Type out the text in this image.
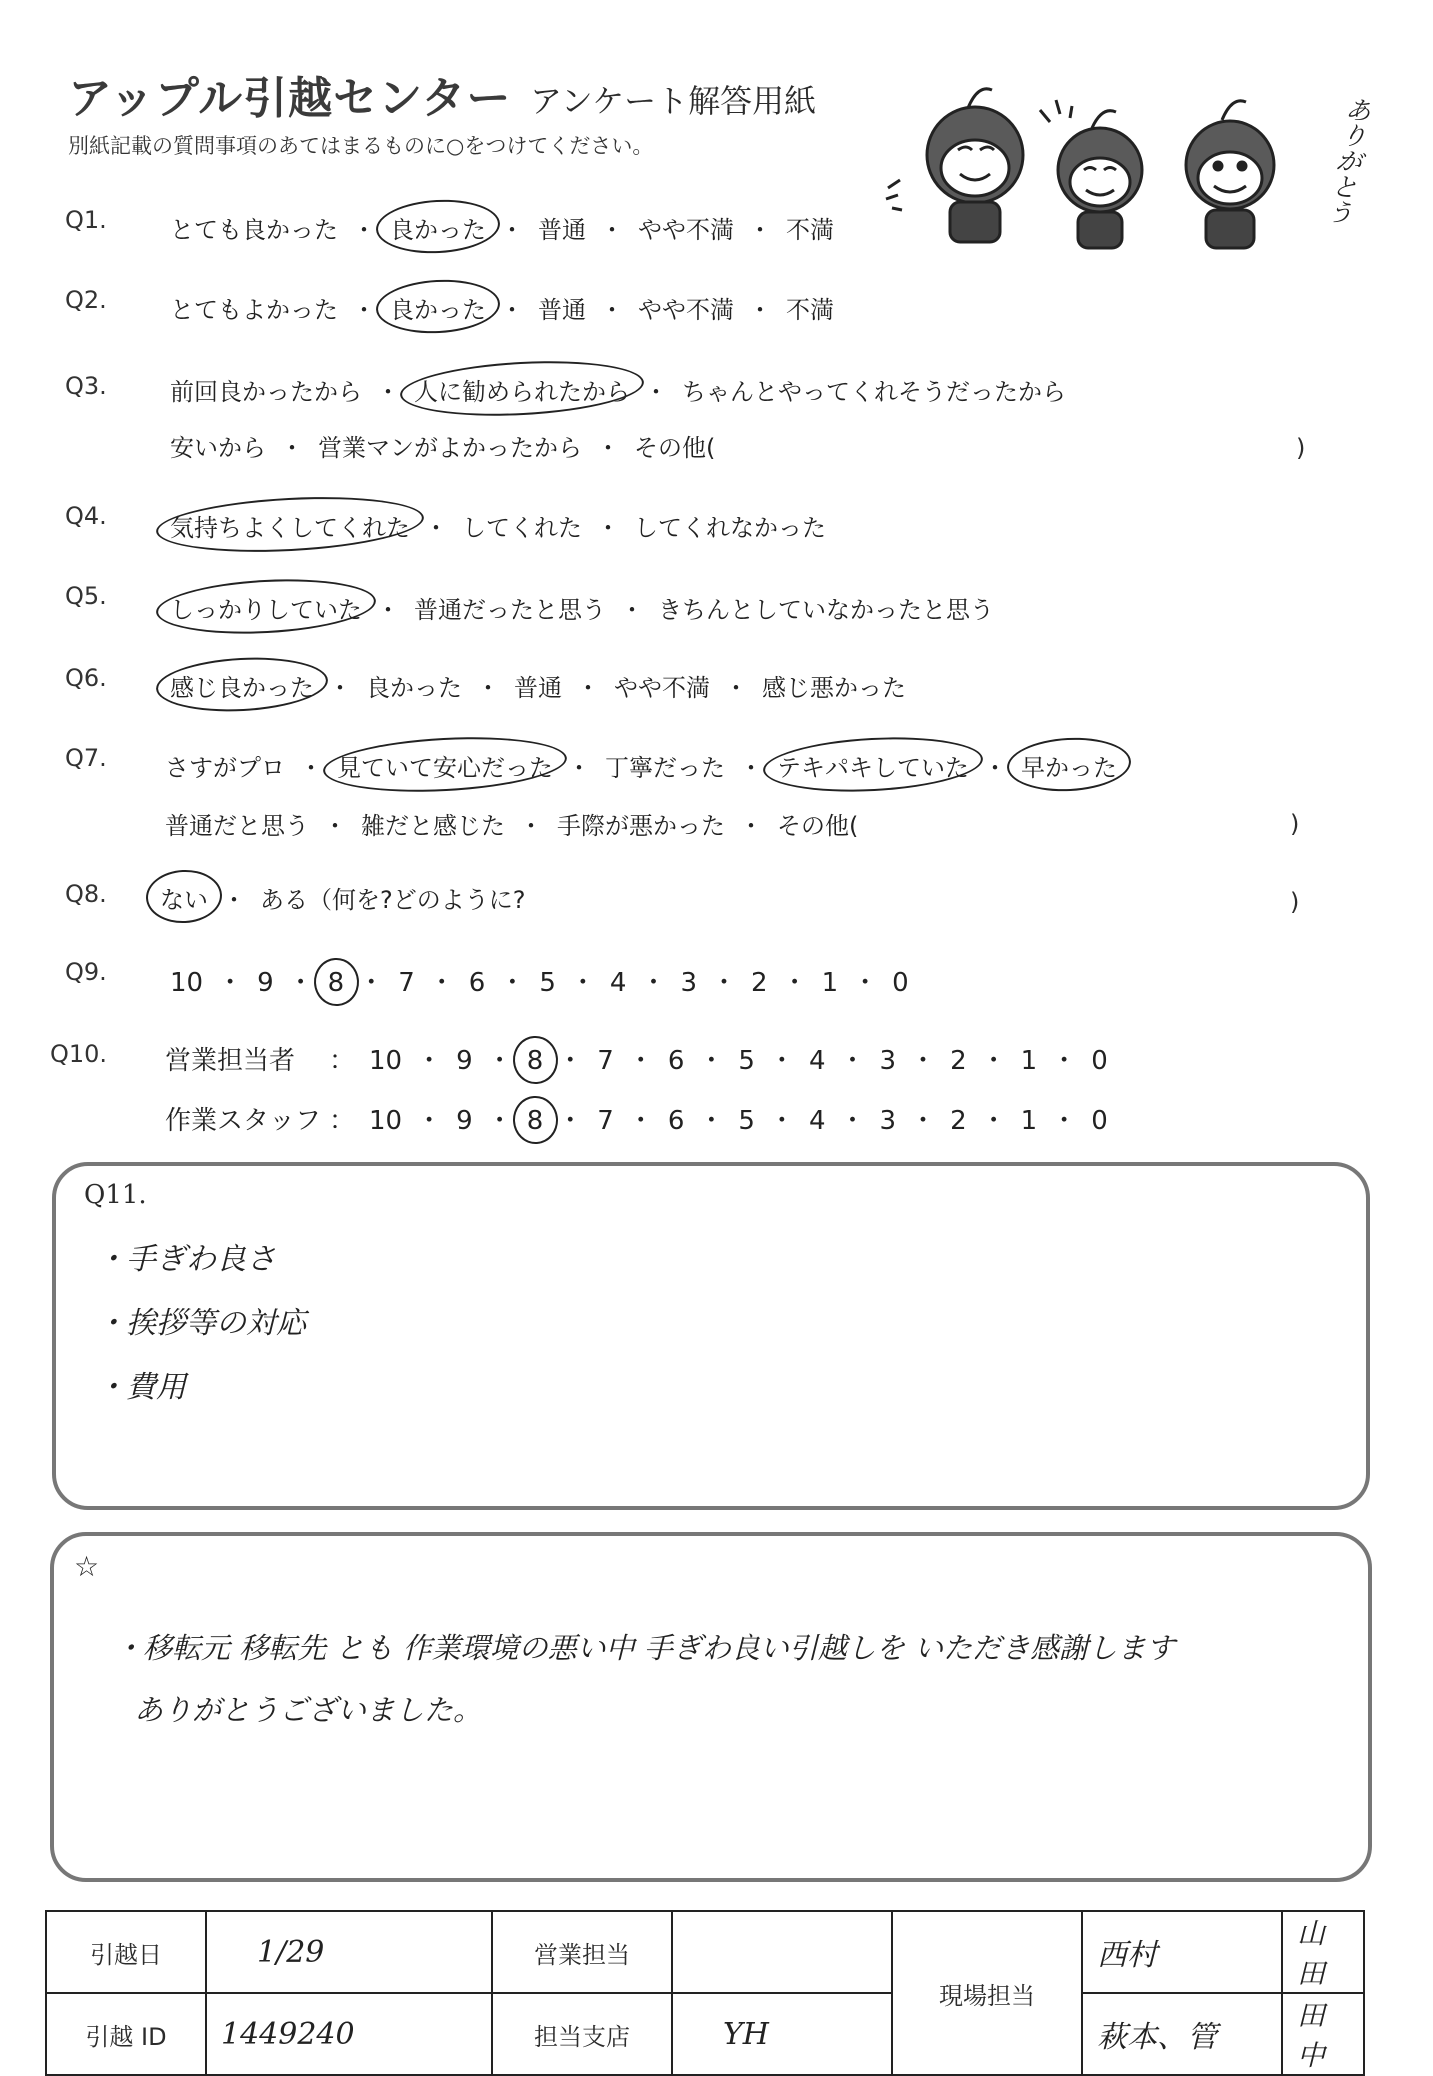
アップル引越センター アンケート解答用紙
別紙記載の質問事項のあてはまるものに○をつけてください。	ありがとう
Q1.	とても良かった ・ 良かった ・ 普通 ・ やや不満 ・ 不満
Q2.	とてもよかった ・ 良かった ・ 普通 ・ やや不満 ・ 不満
Q3.	前回良かったから ・ 人に勧められたから ・ ちゃんとやってくれそうだったから
安いから ・ 営業マンがよかったから ・ その他(	)
Q4.	気持ちよくしてくれた ・ してくれた ・ してくれなかった
Q5.	しっかりしていた ・ 普通だったと思う ・ きちんとしていなかったと思う
Q6.	感じ良かった ・ 良かった ・ 普通 ・ やや不満 ・ 感じ悪かった
Q7. さすがプロ ・ 見ていて安心だった ・ 丁寧だった ・ テキパキしていた ・ 早かった
普通だと思う ・ 雑だと感じた ・ 手際が悪かった ・ その他(	)
Q8. ない ・ ある（何を?どのように?	)
Q9. 10 ・ 9 ・ 8 ・ 7 ・ 6 ・ 5 ・ 4 ・ 3 ・ 2 ・ 1 ・ 0
Q10. 営業担当者 ： 10 ・ 9 ・ 8 ・ 7 ・ 6 ・ 5 ・ 4 ・ 3 ・ 2 ・ 1 ・ 0
作業スタッフ ： 10 ・ 9 ・ 8 ・ 7 ・ 6 ・ 5 ・ 4 ・ 3 ・ 2 ・ 1 ・ 0
Q11.
・手ぎわ良さ
・挨拶等の対応
・費用
☆
・移転元 移転先 とも 作業環境の悪い中 手ぎわ良い引越しを いただき感謝します
ありがとうございました。
引越日	1/29	営業担当		現場担当	西村	山田
引越 ID	1449240	担当支店	YH		萩本、管	田中
